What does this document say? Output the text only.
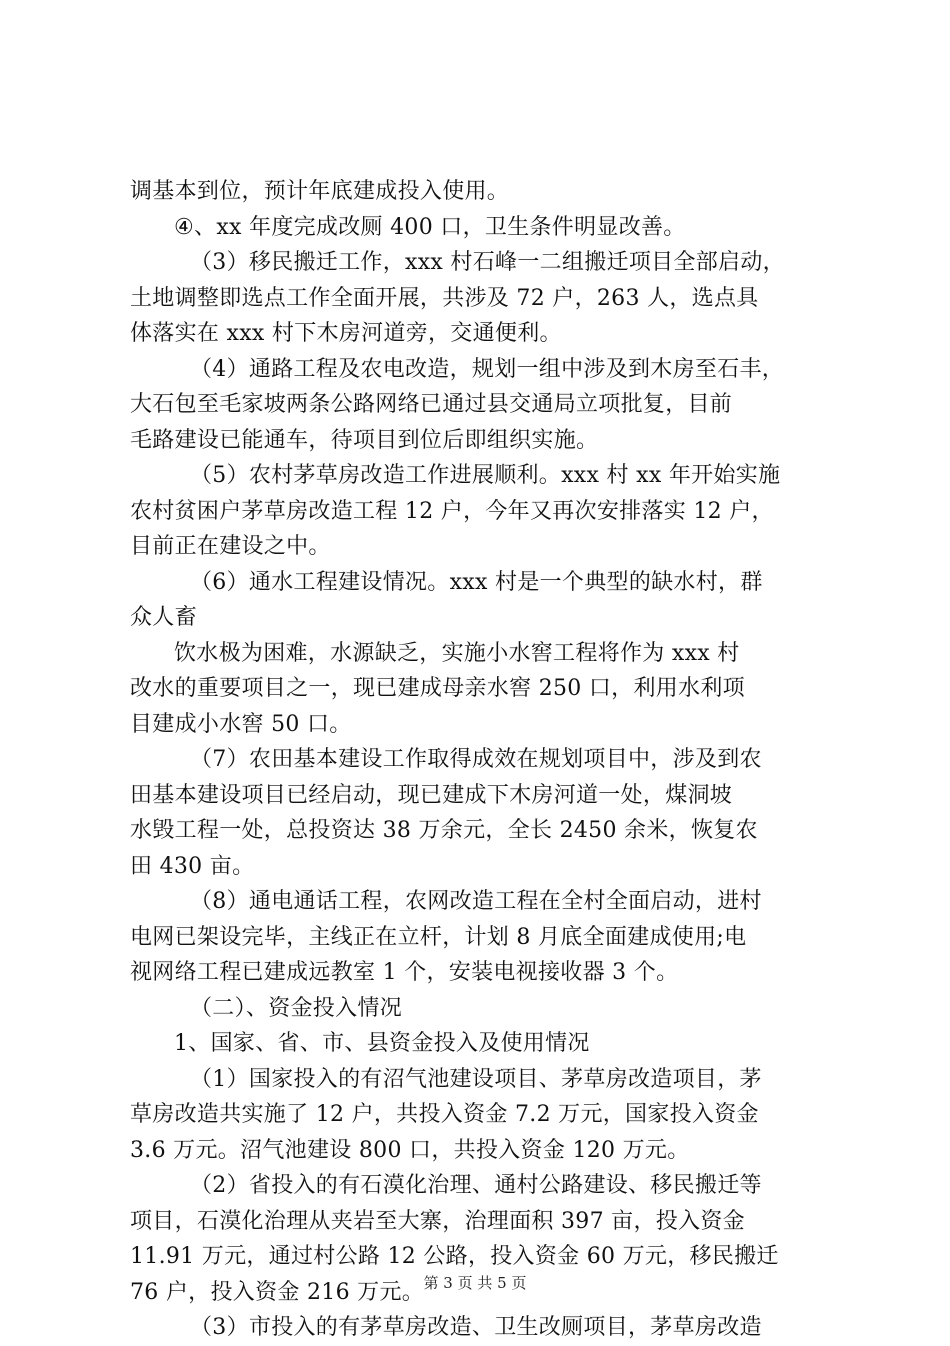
调基本到位，预计年底建成投入使用。
④、xx 年度完成改厕 400 口，卫生条件明显改善。
（3）移民搬迁工作，xxx 村石峰一二组搬迁项目全部启动，
土地调整即选点工作全面开展，共涉及 72 户，263 人，选点具
体落实在 xxx 村下木房河道旁，交通便利。
（4）通路工程及农电改造，规划一组中涉及到木房至石丰，
大石包至毛家坡两条公路网络已通过县交通局立项批复，目前
毛路建设已能通车，待项目到位后即组织实施。
（5）农村茅草房改造工作进展顺利。xxx 村 xx 年开始实施
农村贫困户茅草房改造工程 12 户，今年又再次安排落实 12 户，
目前正在建设之中。
（6）通水工程建设情况。xxx 村是一个典型的缺水村，群
众人畜
饮水极为困难，水源缺乏，实施小水窖工程将作为 xxx 村
改水的重要项目之一，现已建成母亲水窖 250 口，利用水利项
目建成小水窖 50 口。
（7）农田基本建设工作取得成效在规划项目中，涉及到农
田基本建设项目已经启动，现已建成下木房河道一处，煤洞坡
水毁工程一处，总投资达 38 万余元，全长 2450 余米，恢复农
田 430 亩。
（8）通电通话工程，农网改造工程在全村全面启动，进村
电网已架设完毕，主线正在立杆，计划 8 月底全面建成使用;电
视网络工程已建成远教室 1 个，安装电视接收器 3 个。
（二）、资金投入情况
1、国家、省、市、县资金投入及使用情况
（1）国家投入的有沼气池建设项目、茅草房改造项目，茅
草房改造共实施了 12 户，共投入资金 7.2 万元，国家投入资金
3.6 万元。沼气池建设 800 口，共投入资金 120 万元。
（2）省投入的有石漠化治理、通村公路建设、移民搬迁等
项目，石漠化治理从夹岩至大寨，治理面积 397 亩，投入资金
11.91 万元，通过村公路 12 公路，投入资金 60 万元，移民搬迁
76 户，投入资金 216 万元。
（3）市投入的有茅草房改造、卫生改厕项目，茅草房改造
第 3 页 共 5 页
